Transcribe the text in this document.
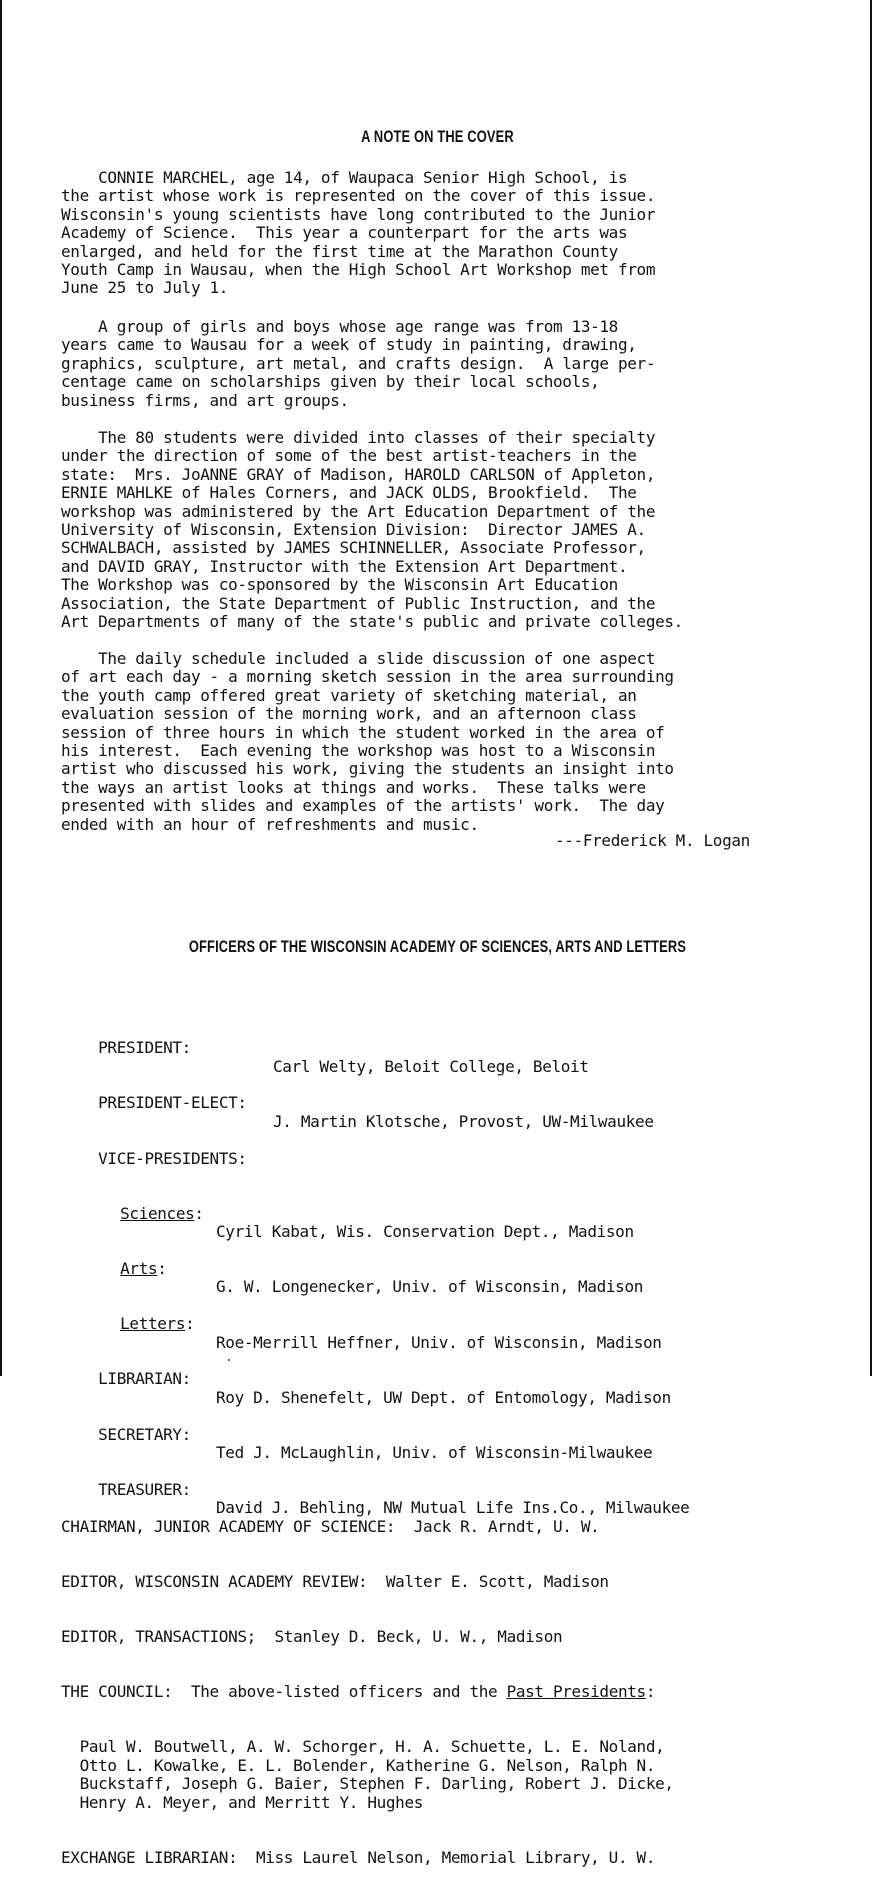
A NOTE ON THE COVER
CONNIE MARCHEL, age 14, of Waupaca Senior High School, is
the artist whose work is represented on the cover of this issue.
Wisconsin's young scientists have long contributed to the Junior
Academy of Science.  This year a counterpart for the arts was
enlarged, and held for the first time at the Marathon County
Youth Camp in Wausau, when the High School Art Workshop met from
June 25 to July 1.
A group of girls and boys whose age range was from 13-18
years came to Wausau for a week of study in painting, drawing,
graphics, sculpture, art metal, and crafts design.  A large per-
centage came on scholarships given by their local schools,
business firms, and art groups.
The 80 students were divided into classes of their specialty
under the direction of some of the best artist-teachers in the
state:  Mrs. JoANNE GRAY of Madison, HAROLD CARLSON of Appleton,
ERNIE MAHLKE of Hales Corners, and JACK OLDS, Brookfield.  The
workshop was administered by the Art Education Department of the
University of Wisconsin, Extension Division:  Director JAMES A.
SCHWALBACH, assisted by JAMES SCHINNELLER, Associate Professor,
and DAVID GRAY, Instructor with the Extension Art Department.
The Workshop was co-sponsored by the Wisconsin Art Education
Association, the State Department of Public Instruction, and the
Art Departments of many of the state's public and private colleges.
The daily schedule included a slide discussion of one aspect
of art each day - a morning sketch session in the area surrounding
the youth camp offered great variety of sketching material, an
evaluation session of the morning work, and an afternoon class
session of three hours in which the student worked in the area of
his interest.  Each evening the workshop was host to a Wisconsin
artist who discussed his work, giving the students an insight into
the ways an artist looks at things and works.  These talks were
presented with slides and examples of the artists' work.  The day
ended with an hour of refreshments and music.
---Frederick M. Logan
OFFICERS OF THE WISCONSIN ACADEMY OF SCIENCES, ARTS AND LETTERS

PRESIDENT:

Carl Welty, Beloit College, Beloit

PRESIDENT-ELECT:

J. Martin Klotsche, Provost, UW-Milwaukee

VICE-PRESIDENTS:

Sciences:

Cyril Kabat, Wis. Conservation Dept., Madison

Arts:

G. W. Longenecker, Univ. of Wisconsin, Madison

Letters:

Roe-Merrill Heffner, Univ. of Wisconsin, Madison

LIBRARIAN:

Roy D. Shenefelt, UW Dept. of Entomology, Madison

SECRETARY:

Ted J. McLaughlin, Univ. of Wisconsin-Milwaukee

TREASURER:

David J. Behling, NW Mutual Life Ins.Co., Milwaukee

CHAIRMAN, JUNIOR ACADEMY OF SCIENCE:  Jack R. Arndt, U. W.

EDITOR, WISCONSIN ACADEMY REVIEW:  Walter E. Scott, Madison

EDITOR, TRANSACTIONS;  Stanley D. Beck, U. W., Madison

THE COUNCIL:  The above-listed officers and the Past Presidents:

Paul W. Boutwell, A. W. Schorger, H. A. Schuette, L. E. Noland,
Otto L. Kowalke, E. L. Bolender, Katherine G. Nelson, Ralph N.
Buckstaff, Joseph G. Baier, Stephen F. Darling, Robert J. Dicke,
Henry A. Meyer, and Merritt Y. Hughes

EXCHANGE LIBRARIAN:  Miss Laurel Nelson, Memorial Library, U. W.
